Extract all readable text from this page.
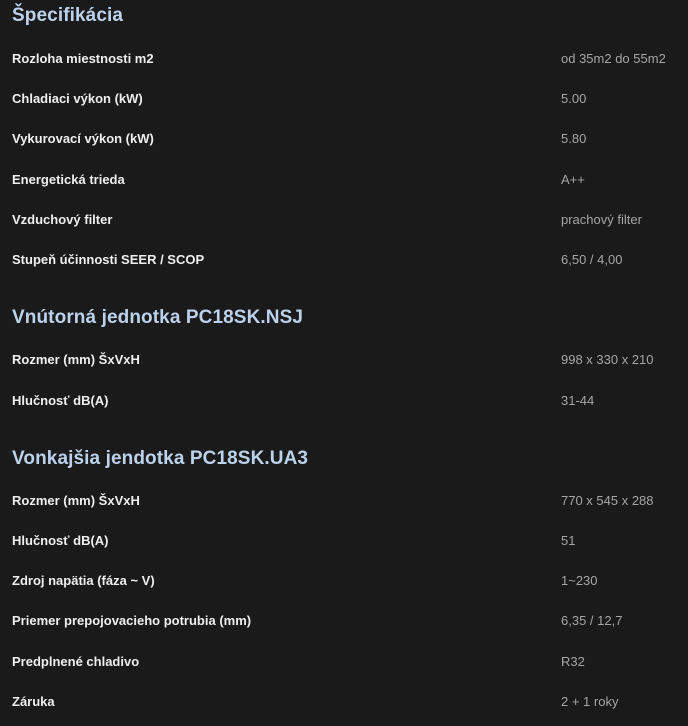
Špecifikácia
Rozloha miestnosti m2	od 35m2 do 55m2
Chladiaci výkon (kW)	5.00
Vykurovací výkon (kW)	5.80
Energetická trieda	A++
Vzduchový filter	prachový filter
Stupeň účinnosti SEER / SCOP	6,50 / 4,00
Vnútorná jednotka PC18SK.NSJ
Rozmer (mm) ŠxVxH	998 x 330 x 210
Hlučnosť dB(A)	31-44
Vonkajšia jendotka PC18SK.UA3
Rozmer (mm) ŠxVxH	770 x 545 x 288
Hlučnosť dB(A)	51
Zdroj napätia (fáza ~ V)	1~230
Priemer prepojovacieho potrubia (mm)	6,35 / 12,7
Predplnené chladivo	R32
Záruka	2 + 1 roky
